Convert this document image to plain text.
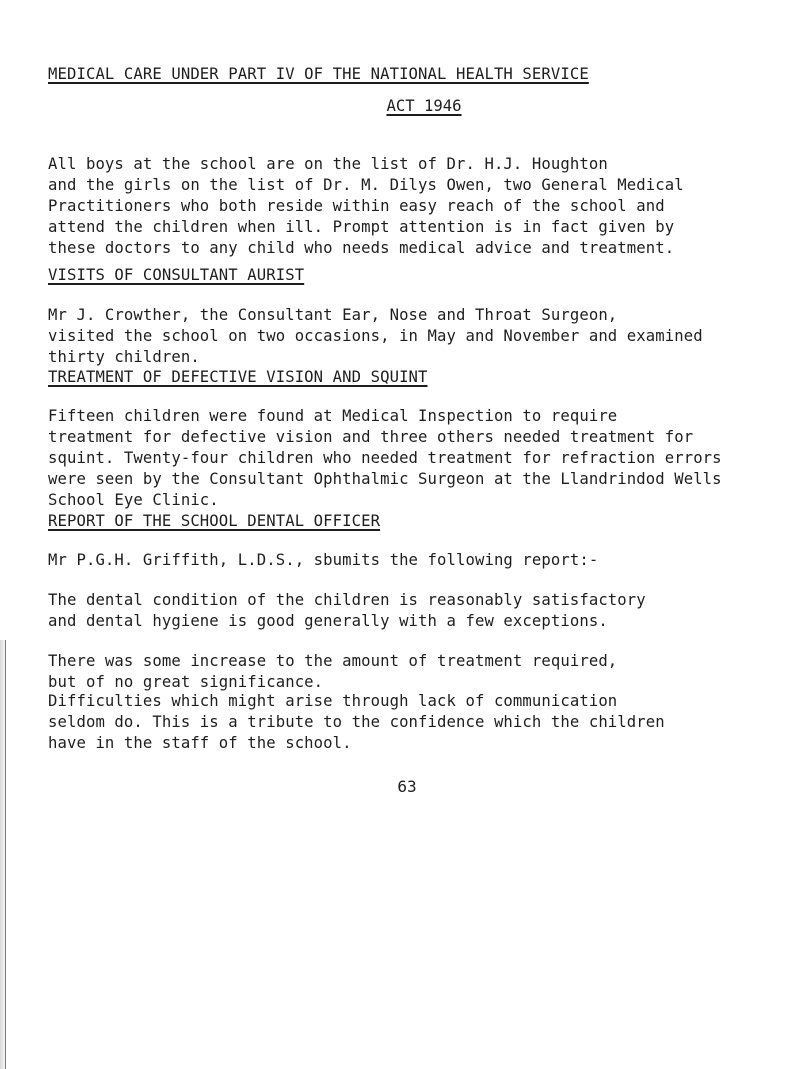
MEDICAL CARE UNDER PART IV OF THE NATIONAL HEALTH SERVICE
ACT 1946
All boys at the school are on the list of Dr. H.J. Houghton
and the girls on the list of Dr. M. Dilys Owen, two General Medical
Practitioners who both reside within easy reach of the school and
attend the children when ill. Prompt attention is in fact given by
these doctors to any child who needs medical advice and treatment.
VISITS OF CONSULTANT AURIST
Mr J. Crowther, the Consultant Ear, Nose and Throat Surgeon,
visited the school on two occasions, in May and November and examined
thirty children.
TREATMENT OF DEFECTIVE VISION AND SQUINT
Fifteen children were found at Medical Inspection to require
treatment for defective vision and three others needed treatment for
squint. Twenty-four children who needed treatment for refraction errors
were seen by the Consultant Ophthalmic Surgeon at the Llandrindod Wells
School Eye Clinic.
REPORT OF THE SCHOOL DENTAL OFFICER
Mr P.G.H. Griffith, L.D.S., sbumits the following report:-
The dental condition of the children is reasonably satisfactory
and dental hygiene is good generally with a few exceptions.
There was some increase to the amount of treatment required,
but of no great significance.
Difficulties which might arise through lack of communication
seldom do. This is a tribute to the confidence which the children
have in the staff of the school.
63
